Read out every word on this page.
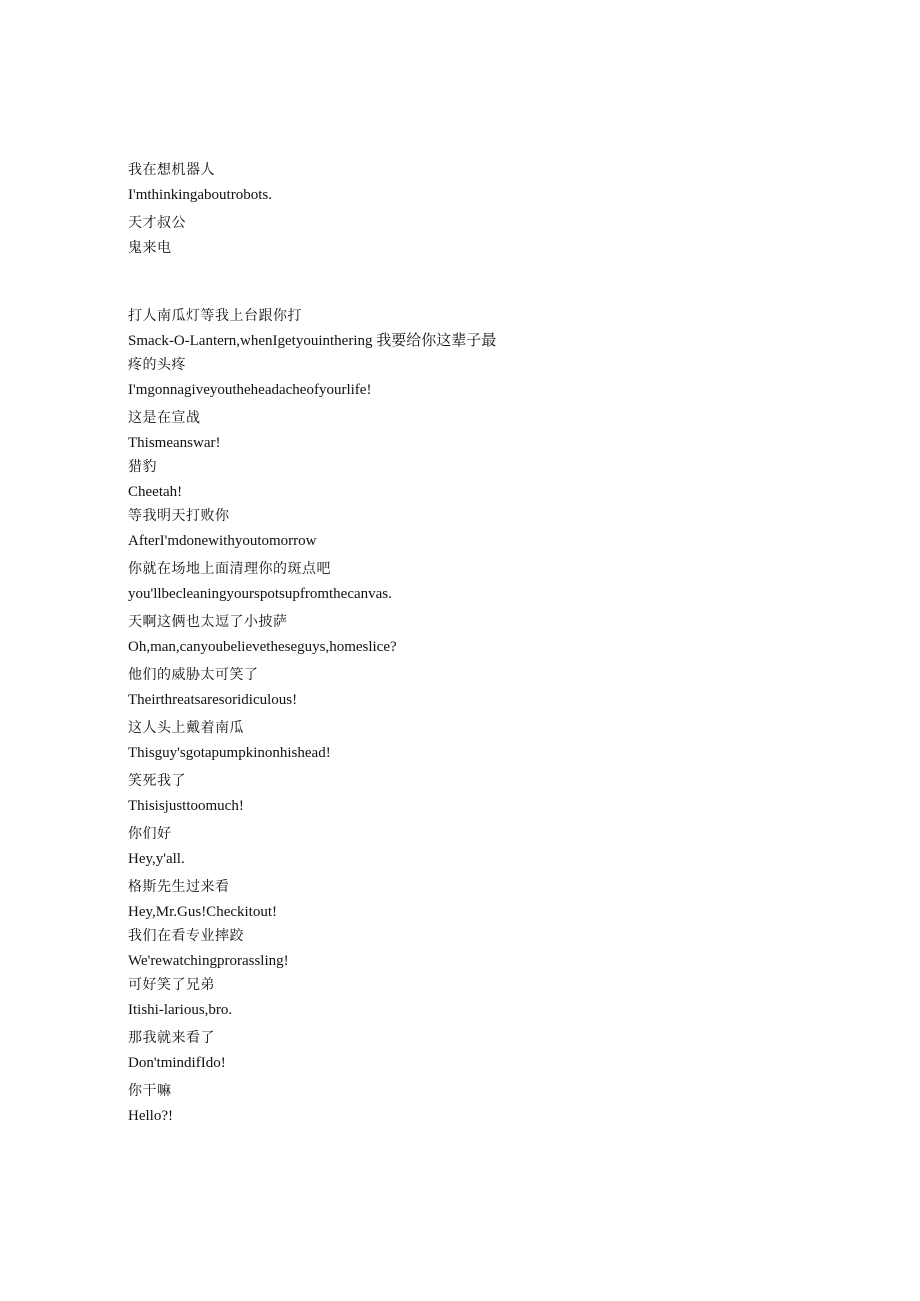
我在想机器人
I'mthinkingaboutrobots.
天才叔公
鬼来电
打人南瓜灯等我上台跟你打
Smack-O-Lantern,whenIgetyouinthering 我要给你这辈子最
疼的头疼
I'mgonnagiveyoutheheadacheofyourlife!
这是在宣战
Thismeanswar!
猎豹
Cheetah!
等我明天打败你
AfterI'mdonewithyoutomorrow
你就在场地上面清理你的斑点吧
you'llbecleaningyourspotsupfromthecanvas.
天啊这俩也太逗了小披萨
Oh,man,canyoubelievetheseguys,homeslice?
他们的威胁太可笑了
Theirthreatsaresoridiculous!
这人头上戴着南瓜
Thisguy'sgotapumpkinonhishead!
笑死我了
Thisisjusttoomuch!
你们好
Hey,y'all.
格斯先生过来看
Hey,Mr.Gus!Checkitout!
我们在看专业摔跤
We'rewatchingprorassling!
可好笑了兄弟
Itishi-larious,bro.
那我就来看了
Don'tmindifIdo!
你干嘛
Hello?!
